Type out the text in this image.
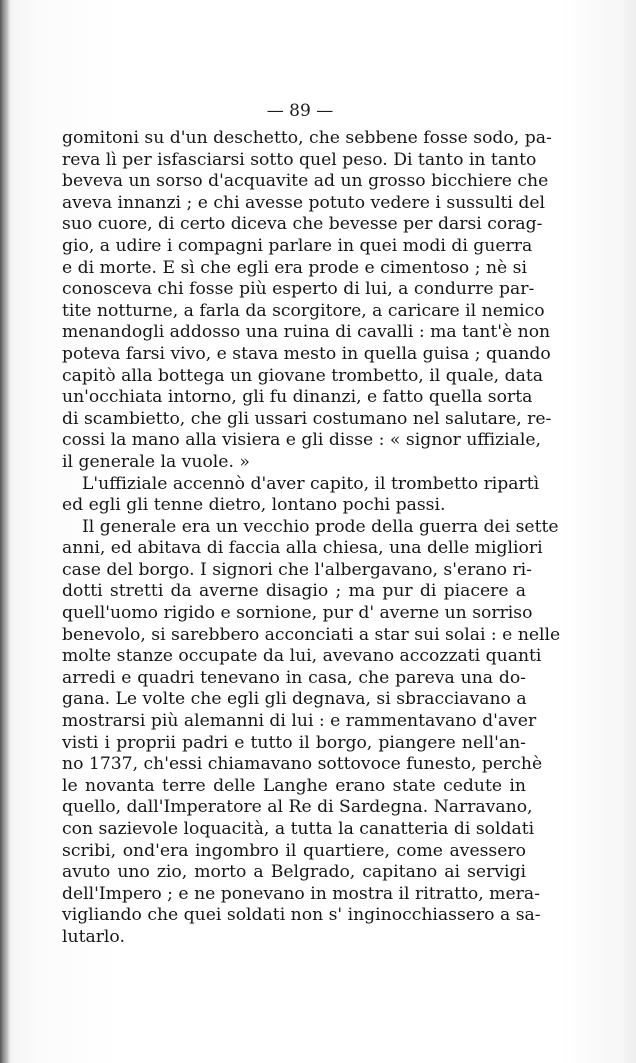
— 89 —
gomitoni su d'un deschetto, che sebbene fosse sodo, pa-
reva lì per isfasciarsi sotto quel peso. Di tanto in tanto
beveva un sorso d'acquavite ad un grosso bicchiere che
aveva innanzi ; e chi avesse potuto vedere i sussulti del
suo cuore, di certo diceva che bevesse per darsi corag-
gio, a udire i compagni parlare in quei modi di guerra
e di morte. E sì che egli era prode e cimentoso ; nè si
conosceva chi fosse più esperto di lui, a condurre par-
tite notturne, a farla da scorgitore, a caricare il nemico
menandogli addosso una ruina di cavalli : ma tant'è non
poteva farsi vivo, e stava mesto in quella guisa ; quando
capitò alla bottega un giovane trombetto, il quale, data
un'occhiata intorno, gli fu dinanzi, e fatto quella sorta
di scambietto, che gli ussari costumano nel salutare, re-
cossi la mano alla visiera e gli disse : « signor uffiziale,
il generale la vuole. »
L'uffiziale accennò d'aver capito, il trombetto ripartì
ed egli gli tenne dietro, lontano pochi passi.
Il generale era un vecchio prode della guerra dei sette
anni, ed abitava di faccia alla chiesa, una delle migliori
case del borgo. I signori che l'albergavano, s'erano ri-
dotti stretti da averne disagio ; ma pur di piacere a
quell'uomo rigido e sornione, pur d' averne un sorriso
benevolo, si sarebbero acconciati a star sui solai : e nelle
molte stanze occupate da lui, avevano accozzati quanti
arredi e quadri tenevano in casa, che pareva una do-
gana. Le volte che egli gli degnava, si sbracciavano a
mostrarsi più alemanni di lui : e rammentavano d'aver
visti i proprii padri e tutto il borgo, piangere nell'an-
no 1737, ch'essi chiamavano sottovoce funesto, perchè
le novanta terre delle Langhe erano state cedute in
quello, dall'Imperatore al Re di Sardegna. Narravano,
con sazievole loquacità, a tutta la canatteria di soldati
scribi, ond'era ingombro il quartiere, come avessero
avuto uno zio, morto a Belgrado, capitano ai servigi
dell'Impero ; e ne ponevano in mostra il ritratto, mera-
vigliando che quei soldati non s' inginocchiassero a sa-
lutarlo.
